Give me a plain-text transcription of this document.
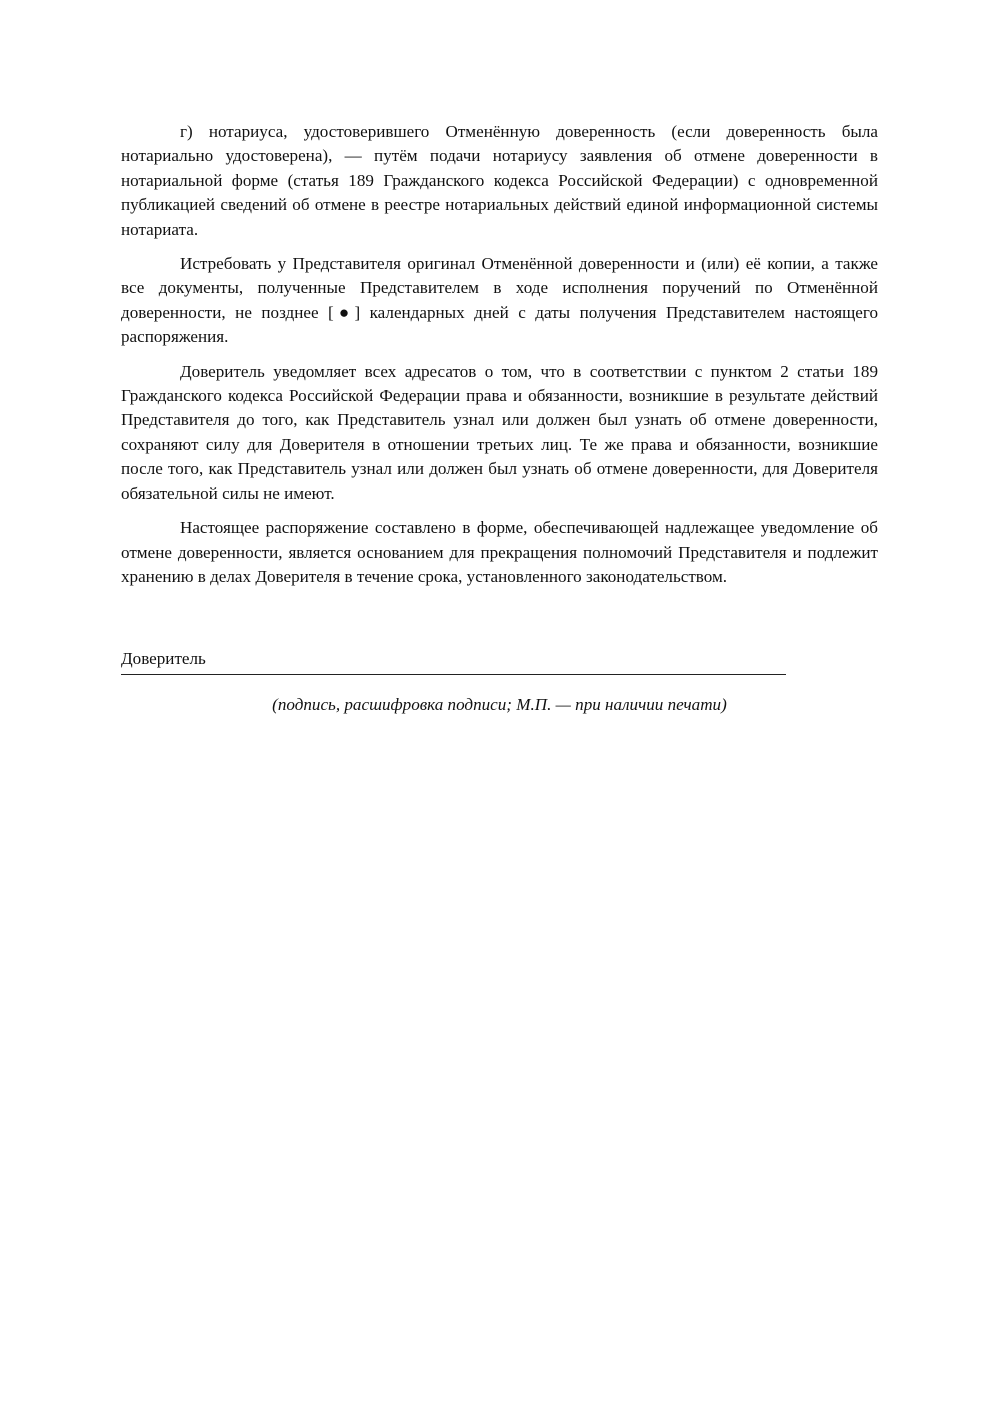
г) нотариуса, удостоверившего Отменённую доверенность (если доверенность была нотариально удостоверена), — путём подачи нотариусу заявления об отмене доверенности в нотариальной форме (статья 189 Гражданского кодекса Российской Федерации) с одновременной публикацией сведений об отмене в реестре нотариальных действий единой информационной системы нотариата.

Истребовать у Представителя оригинал Отменённой доверенности и (или) её копии, а также все документы, полученные Представителем в ходе исполнения поручений по Отменённой доверенности, не позднее [●] календарных дней с даты получения Представителем настоящего распоряжения.

Доверитель уведомляет всех адресатов о том, что в соответствии с пунктом 2 статьи 189 Гражданского кодекса Российской Федерации права и обязанности, возникшие в результате действий Представителя до того, как Представитель узнал или должен был узнать об отмене доверенности, сохраняют силу для Доверителя в отношении третьих лиц. Те же права и обязанности, возникшие после того, как Представитель узнал или должен был узнать об отмене доверенности, для Доверителя обязательной силы не имеют.

Настоящее распоряжение составлено в форме, обеспечивающей надлежащее уведомление об отмене доверенности, является основанием для прекращения полномочий Представителя и подлежит хранению в делах Доверителя в течение срока, установленного законодательством.

Доверитель

(подпись, расшифровка подписи; М.П. — при наличии печати)
